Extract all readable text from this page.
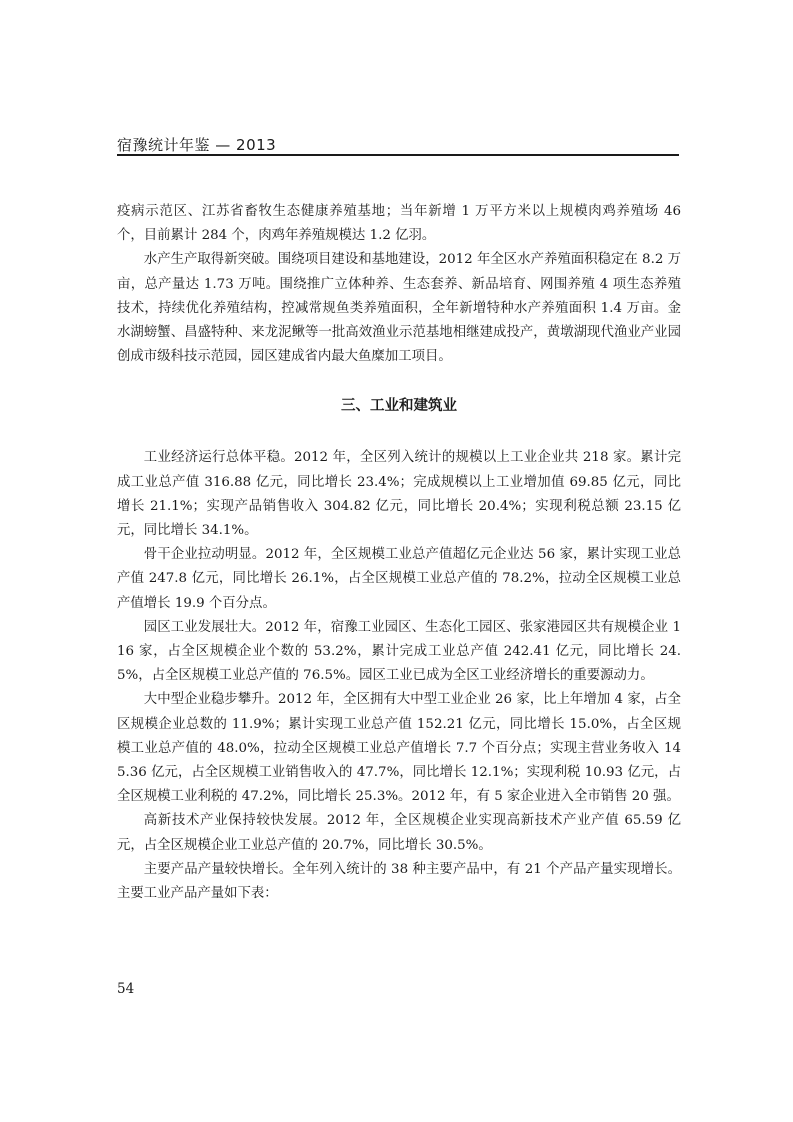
宿豫统计年鉴 — 2013

疫病示范区、江苏省畜牧生态健康养殖基地；当年新增 1 万平方米以上规模肉鸡养殖场 46 个，目前累计 284 个，肉鸡年养殖规模达 1.2 亿羽。

水产生产取得新突破。围绕项目建设和基地建设，2012 年全区水产养殖面积稳定在 8.2 万亩，总产量达 1.73 万吨。围绕推广立体种养、生态套养、新品培育、网围养殖 4 项生态养殖技术，持续优化养殖结构，控减常规鱼类养殖面积，全年新增特种水产养殖面积 1.4 万亩。金水湖螃蟹、昌盛特种、来龙泥鳅等一批高效渔业示范基地相继建成投产，黄墩湖现代渔业产业园创成市级科技示范园，园区建成省内最大鱼糜加工项目。

三、工业和建筑业

工业经济运行总体平稳。2012 年，全区列入统计的规模以上工业企业共 218 家。累计完成工业总产值 316.88 亿元，同比增长 23.4%；完成规模以上工业增加值 69.85 亿元，同比增长 21.1%；实现产品销售收入 304.82 亿元，同比增长 20.4%；实现利税总额 23.15 亿元，同比增长 34.1%。

骨干企业拉动明显。2012 年，全区规模工业总产值超亿元企业达 56 家，累计实现工业总产值 247.8 亿元，同比增长 26.1%，占全区规模工业总产值的 78.2%，拉动全区规模工业总产值增长 19.9 个百分点。

园区工业发展壮大。2012 年，宿豫工业园区、生态化工园区、张家港园区共有规模企业 116 家，占全区规模企业个数的 53.2%，累计完成工业总产值 242.41 亿元，同比增长 24.5%，占全区规模工业总产值的 76.5%。园区工业已成为全区工业经济增长的重要源动力。

大中型企业稳步攀升。2012 年，全区拥有大中型工业企业 26 家，比上年增加 4 家，占全区规模企业总数的 11.9%；累计实现工业总产值 152.21 亿元，同比增长 15.0%，占全区规模工业总产值的 48.0%，拉动全区规模工业总产值增长 7.7 个百分点；实现主营业务收入 145.36 亿元，占全区规模工业销售收入的 47.7%，同比增长 12.1%；实现利税 10.93 亿元，占全区规模工业利税的 47.2%，同比增长 25.3%。2012 年，有 5 家企业进入全市销售 20 强。

高新技术产业保持较快发展。2012 年，全区规模企业实现高新技术产业产值 65.59 亿元，占全区规模企业工业总产值的 20.7%，同比增长 30.5%。

主要产品产量较快增长。全年列入统计的 38 种主要产品中，有 21 个产品产量实现增长。主要工业产品产量如下表：

54
